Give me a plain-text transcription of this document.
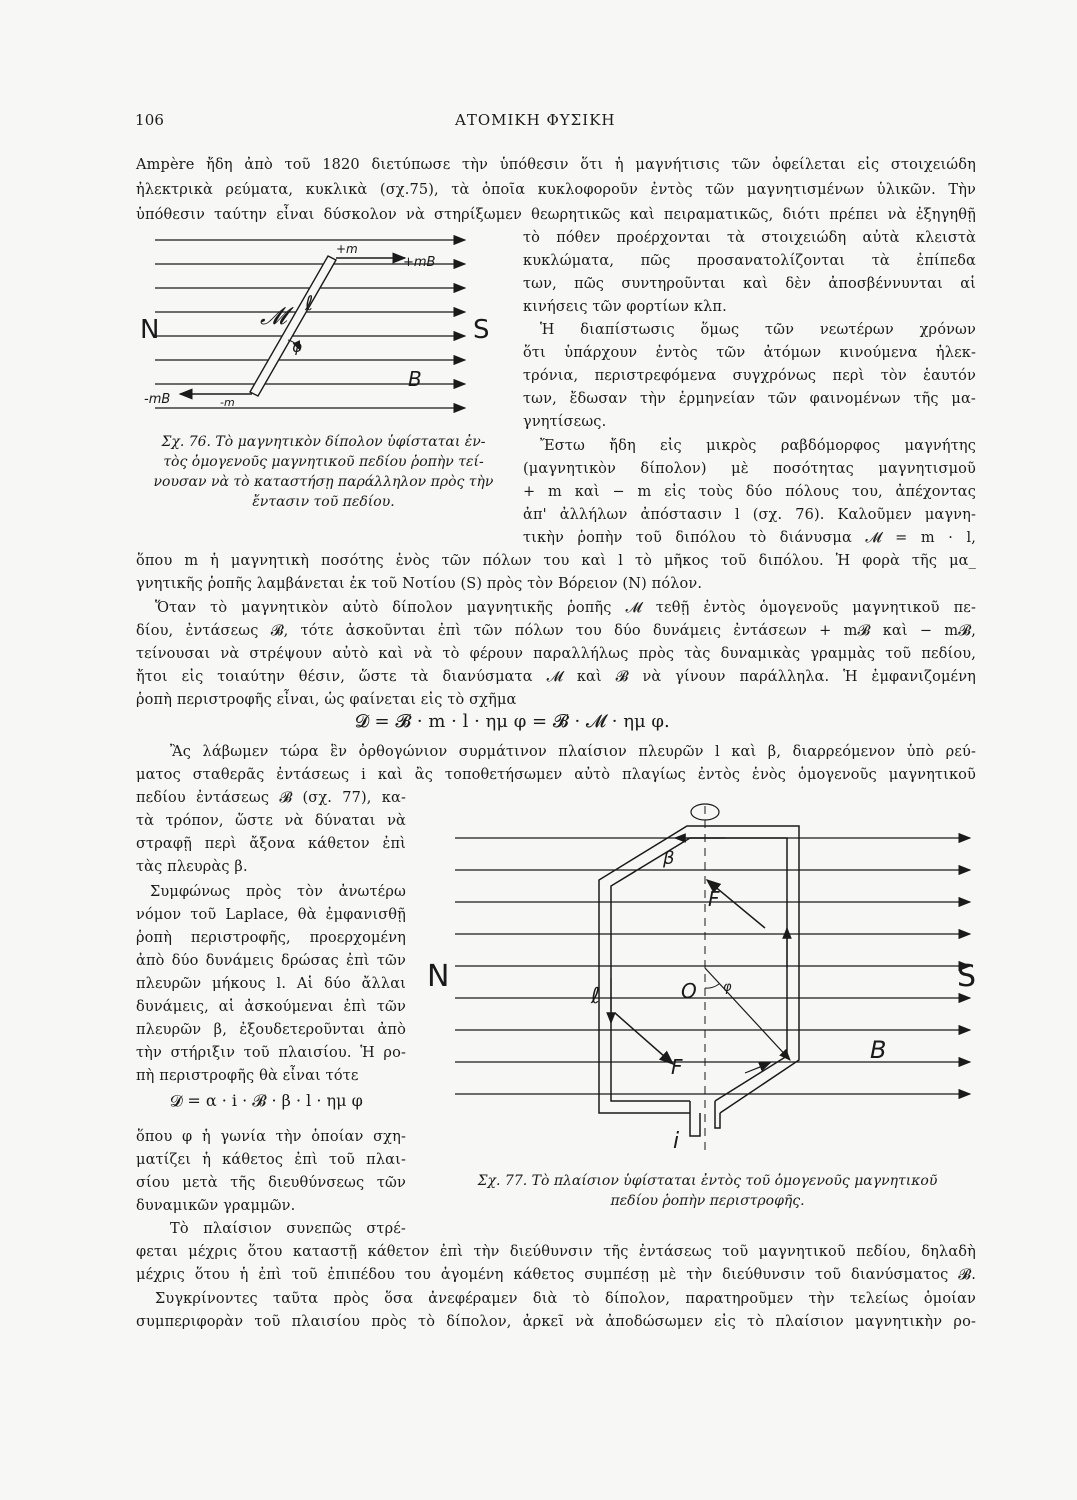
106	ΑΤΟΜΙΚΗ ΦΥΣΙΚΗ
Ampère ἤδη ἀπὸ τοῦ 1820 διετύπωσε τὴν ὑπόθεσιν ὅτι ἡ μαγνήτισις τῶν ὀφείλεται εἰς στοιχειώδη
ἠλεκτρικὰ ρεύματα, κυκλικὰ (σχ.75), τὰ ὁποῖα κυκλοφοροῦν ἐντὸς τῶν μαγνητισμένων ὑλικῶν. Τὴν
ὑπόθεσιν ταύτην εἶναι δύσκολον νὰ στηρίξωμεν θεωρητικῶς καὶ πειραματικῶς, διότι πρέπει νὰ ἐξηγηθῇ
τὸ πόθεν προέρχονται τὰ στοιχειώδη αὐτὰ κλειστὰ
κυκλώματα, πῶς προσανατολίζονται τὰ ἐπίπεδα
των, πῶς συντηροῦνται καὶ δὲν ἀποσβέννυνται αἱ
κινήσεις τῶν φορτίων κλπ.
Ἡ διαπίστωσις ὅμως τῶν νεωτέρων χρόνων
ὅτι ὑπάρχουν ἐντὸς τῶν ἀτόμων κινούμενα ἠλεκ-
τρόνια, περιστρεφόμενα συγχρόνως περὶ τὸν ἑαυτόν
των, ἔδωσαν τὴν ἑρμηνείαν τῶν φαινομένων τῆς μα-
γνητίσεως.
N	S
+m
+mB
-mB	-m
B
𝓜 ℓ
φ
Σχ. 76. Τὸ μαγνητικὸν δίπολον ὑφίσταται ἐν-
τὸς ὁμογενοῦς μαγνητικοῦ πεδίου ῥοπὴν τεί-
νουσαν νὰ τὸ καταστήσῃ παράλληλον πρὸς τὴν
ἔντασιν τοῦ πεδίου.
Ἔστω ἤδη εἰς μικρὸς ραβδόμορφος μαγνήτης
(μαγνητικὸν δίπολον) μὲ ποσότητας μαγνητισμοῦ
+ m καὶ − m εἰς τοὺς δύο πόλους του, ἀπέχοντας
ἀπ' ἀλλήλων ἀπόστασιν l (σχ. 76). Καλοῦμεν μαγνη-
τικὴν ῥοπὴν τοῦ διπόλου τὸ διάνυσμα 𝓜 = m · l,
ὅπου m ἡ μαγνητικὴ ποσότης ἑνὸς τῶν πόλων του καὶ l τὸ μῆκος τοῦ διπόλου. Ἡ φορὰ τῆς μα_
γνητικῆς ῥοπῆς λαμβάνεται ἐκ τοῦ Νοτίου (S) πρὸς τὸν Βόρειον (N) πόλον.
Ὅταν τὸ μαγνητικὸν αὐτὸ δίπολον μαγνητικῆς ῥοπῆς 𝓜 τεθῇ ἐντὸς ὁμογενοῦς μαγνητικοῦ πε-
δίου, ἐντάσεως 𝓑, τότε ἀσκοῦνται ἐπὶ τῶν πόλων του δύο δυνάμεις ἐντάσεων + m𝓑 καὶ − m𝓑,
τείνουσαι νὰ στρέψουν αὐτὸ καὶ νὰ τὸ φέρουν παραλλήλως πρὸς τὰς δυναμικὰς γραμμὰς τοῦ πεδίου,
ἤτοι εἰς τοιαύτην θέσιν, ὥστε τὰ διανύσματα 𝓜 καὶ 𝓑 νὰ γίνουν παράλληλα. Ἡ ἐμφανιζομένη
ῥοπὴ περιστροφῆς εἶναι, ὡς φαίνεται εἰς τὸ σχῆμα
𝓓 = 𝓑 · m · l · ημ φ = 𝓑 · 𝓜 · ημ φ.
Ἂς λάβωμεν τώρα ἓν ὀρθογώνιον συρμάτινον πλαίσιον πλευρῶν l καὶ β, διαρρεόμενον ὑπὸ ρεύ-
ματος σταθερᾶς ἐντάσεως i καὶ ἂς τοποθετήσωμεν αὐτὸ πλαγίως ἐντὸς ἑνὸς ὁμογενοῦς μαγνητικοῦ
πεδίου ἐντάσεως 𝓑 (σχ. 77), κα-
τὰ τρόπον, ὥστε νὰ δύναται νὰ
στραφῇ περὶ ἄξονα κάθετον ἐπὶ
τὰς πλευρὰς β.
Συμφώνως πρὸς τὸν ἀνωτέρω
νόμον τοῦ Laplace, θὰ ἐμφανισθῇ
ῥοπὴ περιστροφῆς, προερχομένη
ἀπὸ δύο δυνάμεις δρώσας ἐπὶ τῶν
πλευρῶν μήκους l. Αἱ δύο ἄλλαι
δυνάμεις, αἱ ἀσκούμεναι ἐπὶ τῶν
πλευρῶν β, ἐξουδετεροῦνται ἀπὸ
τὴν στήριξιν τοῦ πλαισίου. Ἡ ρο-
πὴ περιστροφῆς θὰ εἶναι τότε
𝓓 = α · i · 𝓑 · β · l · ημ φ
ὅπου φ ἡ γωνία τὴν ὁποίαν σχη-
ματίζει ἡ κάθετος ἐπὶ τοῦ πλαι-
σίου μετὰ τῆς διευθύνσεως τῶν
δυναμικῶν γραμμῶν.
N	S
B
β
F
F
ℓ	O φ
i
Σχ. 77. Τὸ πλαίσιον ὑφίσταται ἐντὸς τοῦ ὁμογενοῦς μαγνητικοῦ
πεδίου ῥοπὴν περιστροφῆς.
Τὸ πλαίσιον συνεπῶς στρέ-
φεται μέχρις ὅτου καταστῇ κάθετον ἐπὶ τὴν διεύθυνσιν τῆς ἐντάσεως τοῦ μαγνητικοῦ πεδίου, δηλαδὴ
μέχρις ὅτου ἡ ἐπὶ τοῦ ἐπιπέδου του ἀγομένη κάθετος συμπέσῃ μὲ τὴν διεύθυνσιν τοῦ διανύσματος 𝓑.
Συγκρίνοντες ταῦτα πρὸς ὅσα ἀνεφέραμεν διὰ τὸ δίπολον, παρατηροῦμεν τὴν τελείως ὁμοίαν
συμπεριφορὰν τοῦ πλαισίου πρὸς τὸ δίπολον, ἀρκεῖ νὰ ἀποδώσωμεν εἰς τὸ πλαίσιον μαγνητικὴν ρο-
